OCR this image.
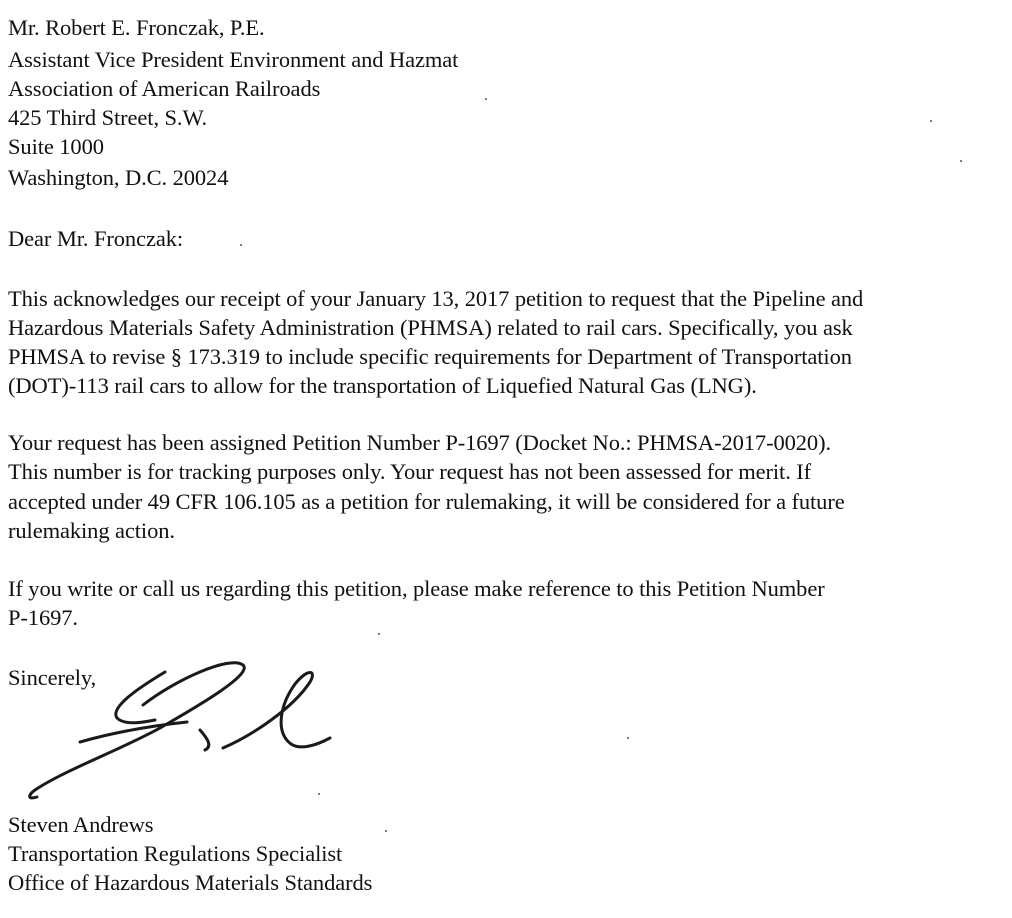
Mr. Robert E. Fronczak, P.E.
Assistant Vice President Environment and Hazmat
Association of American Railroads
425 Third Street, S.W.
Suite 1000
Washington, D.C. 20024
Dear Mr. Fronczak:
This acknowledges our receipt of your January 13, 2017 petition to request that the Pipeline and
Hazardous Materials Safety Administration (PHMSA) related to rail cars. Specifically, you ask
PHMSA to revise § 173.319 to include specific requirements for Department of Transportation
(DOT)-113 rail cars to allow for the transportation of Liquefied Natural Gas (LNG).
Your request has been assigned Petition Number P-1697 (Docket No.: PHMSA-2017-0020).
This number is for tracking purposes only. Your request has not been assessed for merit. If
accepted under 49 CFR 106.105 as a petition for rulemaking, it will be considered for a future
rulemaking action.
If you write or call us regarding this petition, please make reference to this Petition Number
P-1697.
Sincerely,
Steven Andrews
Transportation Regulations Specialist
Office of Hazardous Materials Standards
